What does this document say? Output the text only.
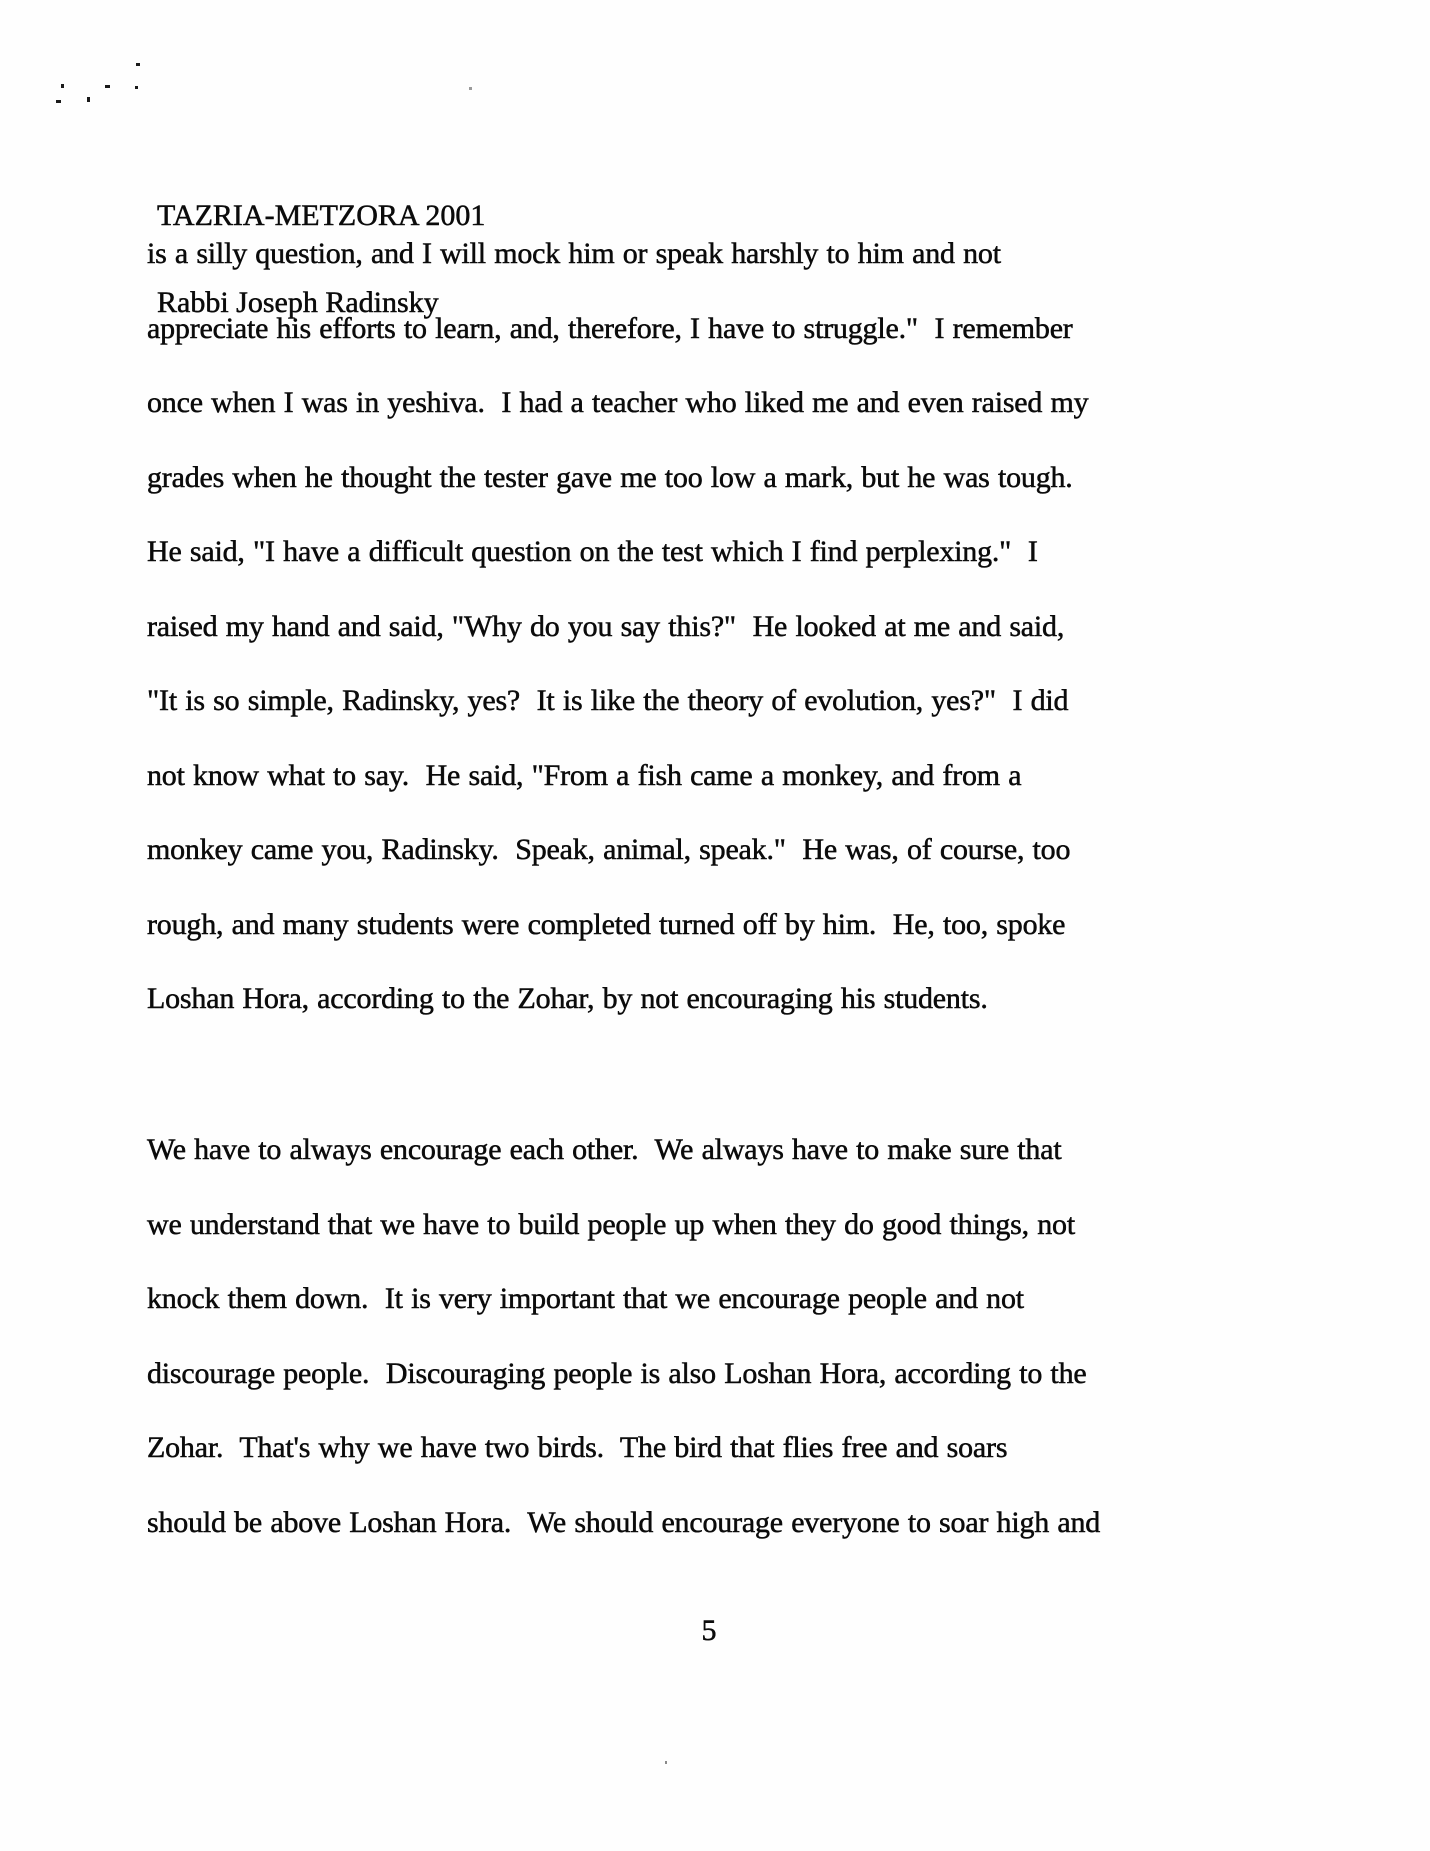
TAZRIA-METZORA 2001

Rabbi Joseph Radinsky

is a silly question, and I will mock him or speak harshly to him and not
appreciate his efforts to learn, and, therefore, I have to struggle."  I remember
once when I was in yeshiva.  I had a teacher who liked me and even raised my
grades when he thought the tester gave me too low a mark, but he was tough.
He said, "I have a difficult question on the test which I find perplexing."  I
raised my hand and said, "Why do you say this?"  He looked at me and said,
"It is so simple, Radinsky, yes?  It is like the theory of evolution, yes?"  I did
not know what to say.  He said, "From a fish came a monkey, and from a
monkey came you, Radinsky.  Speak, animal, speak."  He was, of course, too
rough, and many students were completed turned off by him.  He, too, spoke
Loshan Hora, according to the Zohar, by not encouraging his students.
We have to always encourage each other.  We always have to make sure that
we understand that we have to build people up when they do good things, not
knock them down.  It is very important that we encourage people and not
discourage people.  Discouraging people is also Loshan Hora, according to the
Zohar.  That's why we have two birds.  The bird that flies free and soars
should be above Loshan Hora.  We should encourage everyone to soar high and
5
